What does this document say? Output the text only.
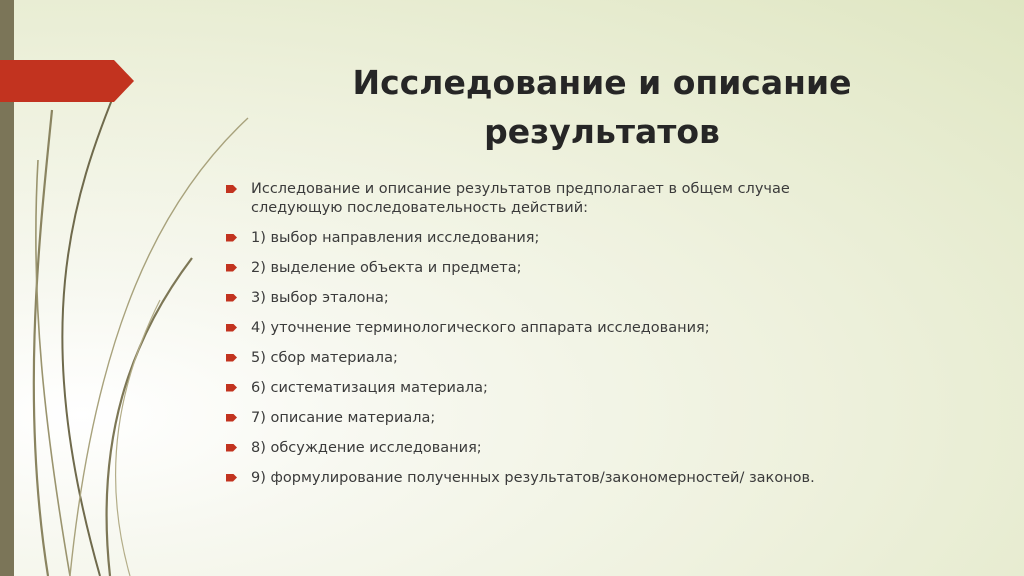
Исследование и описание результатов
Исследование и описание результатов предполагает в общем случае следующую последовательность действий:
1) выбор направления исследования;
2) выделение объекта и предмета;
3) выбор эталона;
4) уточнение терминологического аппарата исследования;
5) сбор материала;
6) систематизация материала;
7) описание материала;
8) обсуждение исследования;
9) формулирование полученных результатов/закономерностей/ законов.
